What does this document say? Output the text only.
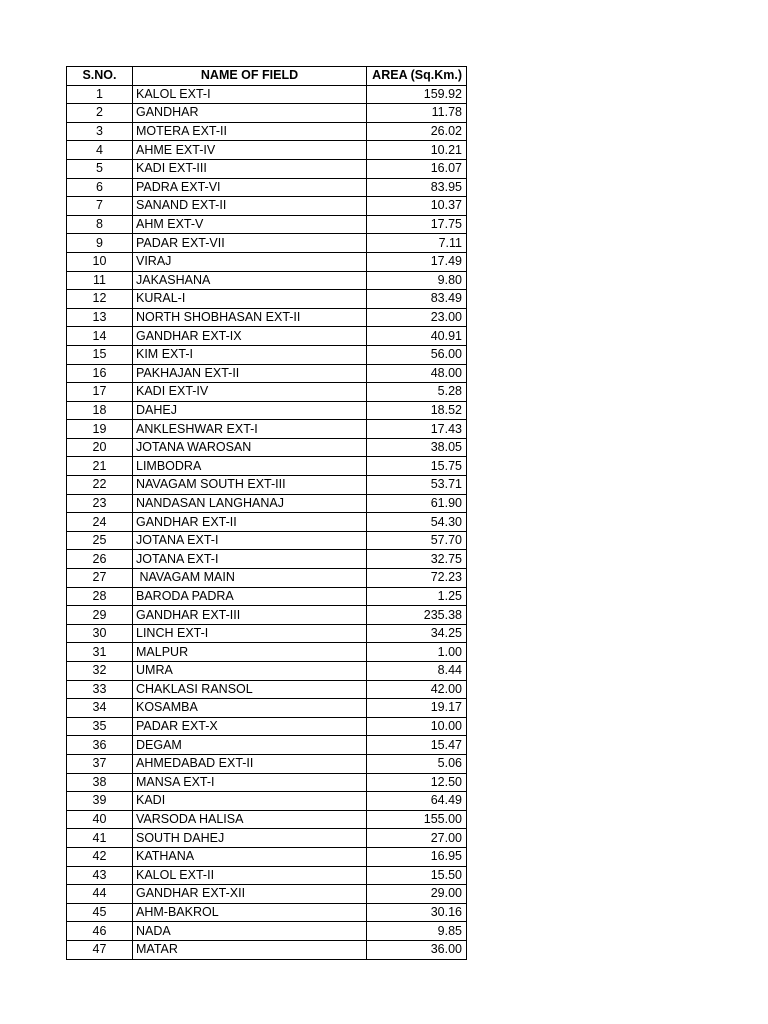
S.NO.	NAME OF FIELD	AREA (Sq.Km.)
1	KALOL EXT-I	159.92
2	GANDHAR	11.78
3	MOTERA EXT-II	26.02
4	AHME EXT-IV	10.21
5	KADI EXT-III	16.07
6	PADRA EXT-VI	83.95
7	SANAND EXT-II	10.37
8	AHM EXT-V	17.75
9	PADAR EXT-VII	7.11
10	VIRAJ	17.49
11	JAKASHANA	9.80
12	KURAL-I	83.49
13	NORTH SHOBHASAN EXT-II	23.00
14	GANDHAR EXT-IX	40.91
15	KIM EXT-I	56.00
16	PAKHAJAN EXT-II	48.00
17	KADI EXT-IV	5.28
18	DAHEJ	18.52
19	ANKLESHWAR EXT-I	17.43
20	JOTANA WAROSAN	38.05
21	LIMBODRA	15.75
22	NAVAGAM SOUTH EXT-III	53.71
23	NANDASAN LANGHANAJ	61.90
24	GANDHAR EXT-II	54.30
25	JOTANA EXT-I	57.70
26	JOTANA EXT-I	32.75
27	NAVAGAM MAIN	72.23
28	BARODA PADRA	1.25
29	GANDHAR EXT-III	235.38
30	LINCH EXT-I	34.25
31	MALPUR	1.00
32	UMRA	8.44
33	CHAKLASI RANSOL	42.00
34	KOSAMBA	19.17
35	PADAR EXT-X	10.00
36	DEGAM	15.47
37	AHMEDABAD EXT-II	5.06
38	MANSA EXT-I	12.50
39	KADI	64.49
40	VARSODA HALISA	155.00
41	SOUTH DAHEJ	27.00
42	KATHANA	16.95
43	KALOL EXT-II	15.50
44	GANDHAR EXT-XII	29.00
45	AHM-BAKROL	30.16
46	NADA	9.85
47	MATAR	36.00
